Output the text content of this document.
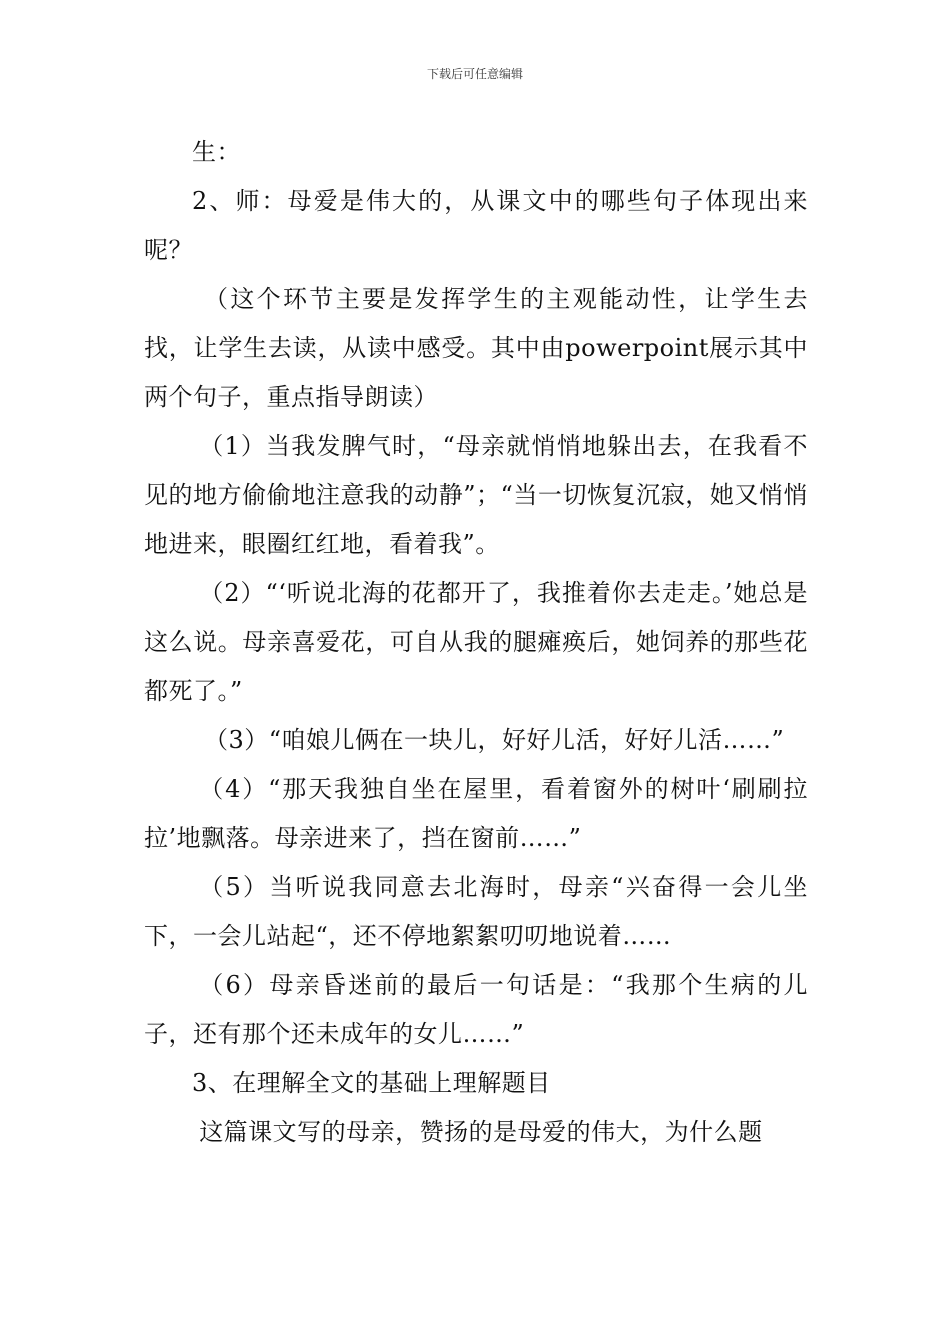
下载后可任意编辑

生：

2、师：母爱是伟大的，从课文中的哪些句子体现出来呢？

（这个环节主要是发挥学生的主观能动性，让学生去找，让学生去读，从读中感受。其中由powerpoint展示其中两个句子，重点指导朗读）

（1）当我发脾气时，“母亲就悄悄地躲出去，在我看不见的地方偷偷地注意我的动静”；“当一切恢复沉寂，她又悄悄地进来，眼圈红红地，看着我”。

（2）“‘听说北海的花都开了，我推着你去走走。’她总是这么说。母亲喜爱花，可自从我的腿瘫痪后，她饲养的那些花都死了。”

（3）“咱娘儿俩在一块儿，好好儿活，好好儿活……”

（4）“那天我独自坐在屋里，看着窗外的树叶‘刷刷拉拉’地飘落。母亲进来了，挡在窗前……”

（5）当听说我同意去北海时，母亲“兴奋得一会儿坐下，一会儿站起“，还不停地絮絮叨叨地说着……

（6）母亲昏迷前的最后一句话是：“我那个生病的儿子，还有那个还未成年的女儿……”

3、在理解全文的基础上理解题目

这篇课文写的母亲，赞扬的是母爱的伟大，为什么题
